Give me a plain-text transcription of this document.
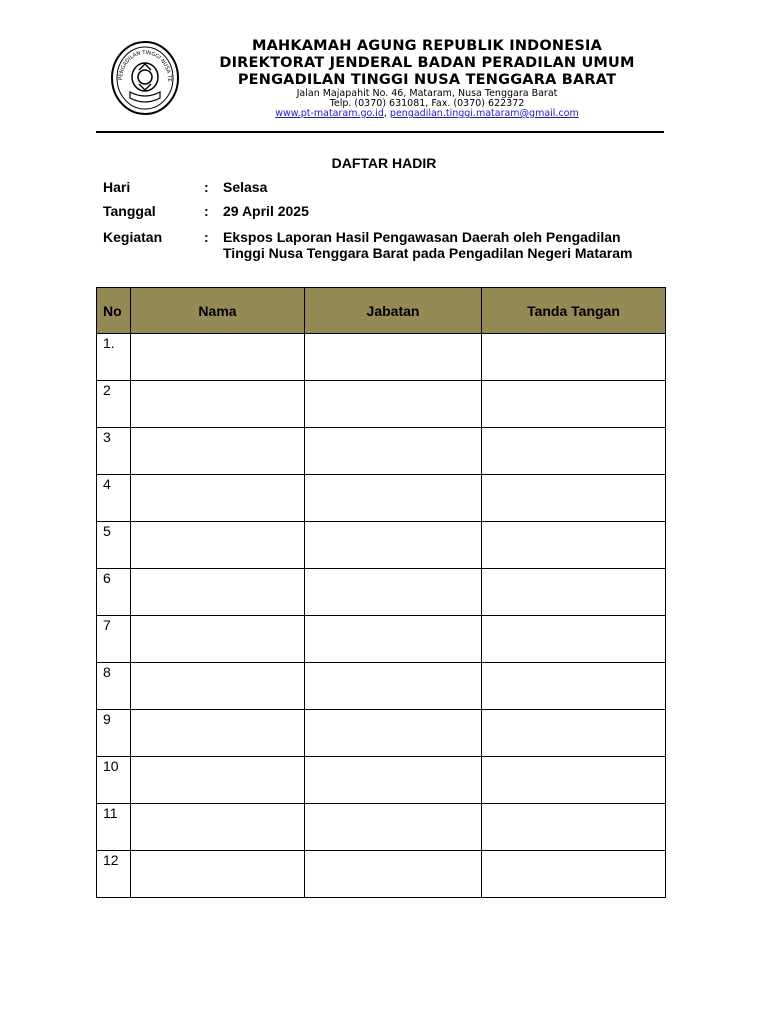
PENGADILAN TINGGI NUSA TE
MAHKAMAH AGUNG REPUBLIK INDONESIA
DIREKTORAT JENDERAL BADAN PERADILAN UMUM
PENGADILAN TINGGI NUSA TENGGARA BARAT
Jalan Majapahit No. 46, Mataram, Nusa Tenggara Barat
Telp. (0370) 631081, Fax. (0370) 622372
www.pt-mataram.go.id, pengadilan.tinggi.mataram@gmail.com
DAFTAR HADIR
Hari	: Selasa
Tanggal	: 29 April 2025
Kegiatan	: Ekspos Laporan Hasil Pengawasan Daerah oleh Pengadilan
Tinggi Nusa Tenggara Barat pada Pengadilan Negeri Mataram
No	Nama	Jabatan	Tanda Tangan
1.			
2			
3			
4			
5			
6			
7			
8			
9			
10			
11			
12			
